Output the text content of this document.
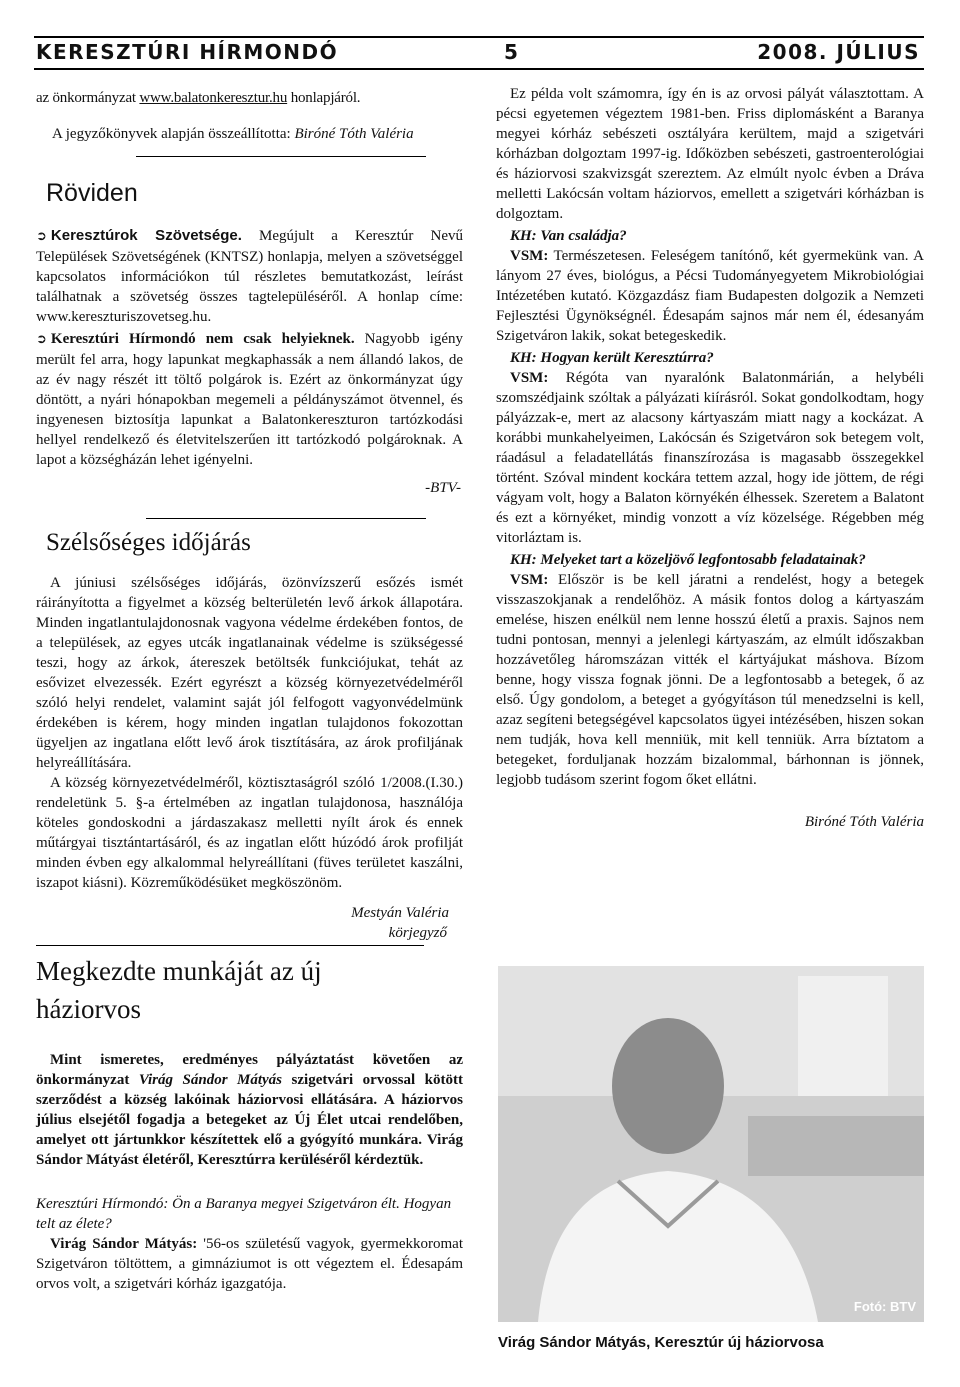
KERESZTÚRI HÍRMONDÓ	5	2008. JÚLIUS

az önkormányzat www.balatonkeresztur.hu honlapjáról.

A jegyzőkönyvek alapján összeállította: Biróné Tóth Valéria

Röviden

➲ Keresztúrok Szövetsége. Megújult a Keresztúr Nevű Települések Szövetségének (KNTSZ) honlapja, melyen a szövetséggel kapcsolatos információkon túl részletes bemutatkozást, leírást találhatnak a szövetség összes tagtelepüléséről. A honlap címe: www.kereszturiszovetseg.hu.

➲ Keresztúri Hírmondó nem csak helyieknek. Nagyobb igény merült fel arra, hogy lapunkat megkaphassák a nem állandó lakos, de az év nagy részét itt töltő polgárok is. Ezért az önkormányzat úgy döntött, a nyári hónapokban megemeli a példányszámot ötvennel, és ingyenesen biztosítja lapunkat a Balatonkereszturon tartózkodási hellyel rendelkező és életvitelszerűen itt tartózkodó polgároknak. A lapot a községházán lehet igényelni.

-BTV-

Szélsőséges időjárás

A júniusi szélsőséges időjárás, özönvízszerű esőzés ismét ráirányította a figyelmet a község belterületén levő árkok állapotára. Minden ingatlantulajdonosnak vagyona védelme érdekében fontos, de a települések, az egyes utcák ingatlanainak védelme is szükségessé teszi, hogy az árkok, átereszek betöltsék funkciójukat, tehát az esővizet elvezessék. Ezért egyrészt a község környezetvédelméről szóló helyi rendelet, valamint saját jól felfogott vagyonvédelmünk érdekében is kérem, hogy minden ingatlan tulajdonos fokozottan ügyeljen az ingatlana előtt levő árok tisztítására, az árok profiljának helyreállítására.

A község környezetvédelméről, köztisztaságról szóló 1/2008.(I.30.) rendeletünk 5. §-a értelmében az ingatlan tulajdonosa, használója köteles gondoskodni a járdaszakasz melletti nyílt árok és ennek műtárgyai tisztántartásáról, és az ingatlan előtt húzódó árok profilját minden évben egy alkalommal helyreállítani (füves területet kaszálni, iszapot kiásni). Közreműködésüket megköszönöm.

Mestyán Valéria

körjegyző

Megkezdte munkáját az új
háziorvos

Mint ismeretes, eredményes pályáztatást követően az önkormányzat Virág Sándor Mátyás szigetvári orvossal kötött szerződést a község lakóinak háziorvosi ellátására. A háziorvos július elsejétől fogadja a betegeket az Új Élet utcai rendelőben, amelyet ott jártunkkor készítettek elő a gyógyító munkára. Virág Sándor Mátyást életéről, Keresztúrra kerüléséről kérdeztük.

Keresztúri Hírmondó: Ön a Baranya megyei Szigetváron élt. Hogyan telt az élete?

Virág Sándor Mátyás: '56-os születésű vagyok, gyermekkoromat Szigetváron töltöttem, a gimnáziumot is ott végeztem el. Édesapám orvos volt, a szigetvári kórház igazgatója.

Ez példa volt számomra, így én is az orvosi pályát választottam. A pécsi egyetemen végeztem 1981-ben. Friss diplomásként a Baranya megyei kórház sebészeti osztályára kerültem, majd a szigetvári kórházban dolgoztam 1997-ig. Időközben sebészeti, gastroenterológiai és háziorvosi szakvizsgát szereztem. Az elmúlt nyolc évben a Dráva melletti Lakócsán voltam háziorvos, emellett a szigetvári kórházban is dolgoztam.

KH: Van családja?

VSM: Természetesen. Feleségem tanítónő, két gyermekünk van. A lányom 27 éves, biológus, a Pécsi Tudományegyetem Mikrobiológiai Intézetében kutató. Közgazdász fiam Budapesten dolgozik a Nemzeti Fejlesztési Ügynökségnél. Édesapám sajnos már nem él, édesanyám Szigetváron lakik, sokat betegeskedik.

KH: Hogyan került Keresztúrra?

VSM: Régóta van nyaralónk Balatonmárián, a helybéli szomszédjaink szóltak a pályázati kiírásról. Sokat gondolkodtam, hogy pályázzak-e, mert az alacsony kártyaszám miatt nagy a kockázat. A korábbi munkahelyeimen, Lakócsán és Szigetváron sok betegem volt, ráadásul a feladatellátás finanszírozása is magasabb összegekkel történt. Szóval mindent kockára tettem azzal, hogy ide jöttem, de régi vágyam volt, hogy a Balaton környékén élhessek. Szeretem a Balatont és ezt a környéket, mindig vonzott a víz közelsége. Régebben még vitorláztam is.

KH: Melyeket tart a közeljövő legfontosabb feladatainak?

VSM: Először is be kell járatni a rendelést, hogy a betegek visszaszokjanak a rendelőhöz. A másik fontos dolog a kártyaszám emelése, hiszen enélkül nem lenne hosszú életű a praxis. Sajnos nem tudni pontosan, mennyi a jelenlegi kártyaszám, az elmúlt időszakban hozzávetőleg háromszázan vitték el kártyájukat máshova. Bízom benne, hogy vissza fognak jönni. De a legfontosabb a betegek, ő az első. Úgy gondolom, a beteget a gyógyításon túl menedzselni is kell, azaz segíteni betegségével kapcsolatos ügyei intézésében, hiszen sokan nem tudják, hova kell menniük, mit kell tenniük. Arra bíztatom a betegeket, forduljanak hozzám bizalommal, bárhonnan is jönnek, legjobb tudásom szerint fogom őket ellátni.

Biróné Tóth Valéria

Fotó: BTV
Virág Sándor Mátyás, Keresztúr új háziorvosa
